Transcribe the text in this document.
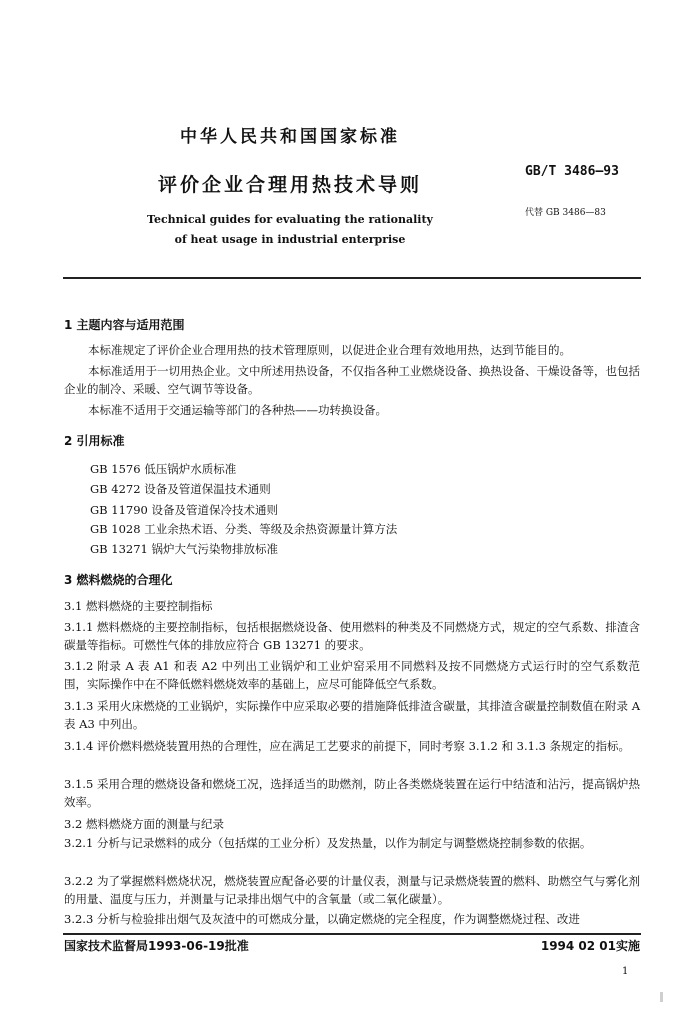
中华人民共和国国家标准
评价企业合理用热技术导则
Technical guides for evaluating the rationality
of heat usage in industrial enterprise
GB/T 3486—93
代替 GB 3486—83
1 主题内容与适用范围
本标准规定了评价企业合理用热的技术管理原则，以促进企业合理有效地用热，达到节能目的。
本标准适用于一切用热企业。文中所述用热设备，不仅指各种工业燃烧设备、换热设备、干燥设备等，也包括企业的制冷、采暖、空气调节等设备。
本标准不适用于交通运输等部门的各种热——功转换设备。
2 引用标准
GB 1576 低压锅炉水质标准
GB 4272 设备及管道保温技术通则
GB 11790 设备及管道保冷技术通则
GB 1028 工业余热术语、分类、等级及余热资源量计算方法
GB 13271 锅炉大气污染物排放标准
3 燃料燃烧的合理化
3.1 燃料燃烧的主要控制指标
3.1.1 燃料燃烧的主要控制指标，包括根据燃烧设备、使用燃料的种类及不同燃烧方式，规定的空气系数、排渣含碳量等指标。可燃性气体的排放应符合 GB 13271 的要求。
3.1.2 附录 A 表 A1 和表 A2 中列出工业锅炉和工业炉窑采用不同燃料及按不同燃烧方式运行时的空气系数范围，实际操作中在不降低燃料燃烧效率的基础上，应尽可能降低空气系数。
3.1.3 采用火床燃烧的工业锅炉，实际操作中应采取必要的措施降低排渣含碳量，其排渣含碳量控制数值在附录 A 表 A3 中列出。
3.1.4 评价燃料燃烧装置用热的合理性，应在满足工艺要求的前提下，同时考察 3.1.2 和 3.1.3 条规定的指标。
3.1.5 采用合理的燃烧设备和燃烧工况，选择适当的助燃剂，防止各类燃烧装置在运行中结渣和沾污，提高锅炉热效率。
3.2 燃料燃烧方面的测量与纪录
3.2.1 分析与记录燃料的成分（包括煤的工业分析）及发热量，以作为制定与调整燃烧控制参数的依据。
3.2.2 为了掌握燃料燃烧状况，燃烧装置应配备必要的计量仪表，测量与记录燃烧装置的燃料、助燃空气与雾化剂的用量、温度与压力，并测量与记录排出烟气中的含氧量（或二氧化碳量）。
3.2.3 分析与检验排出烟气及灰渣中的可燃成分量，以确定燃烧的完全程度，作为调整燃烧过程、改进
国家技术监督局1993-06-19批准	1994 02 01实施
1
